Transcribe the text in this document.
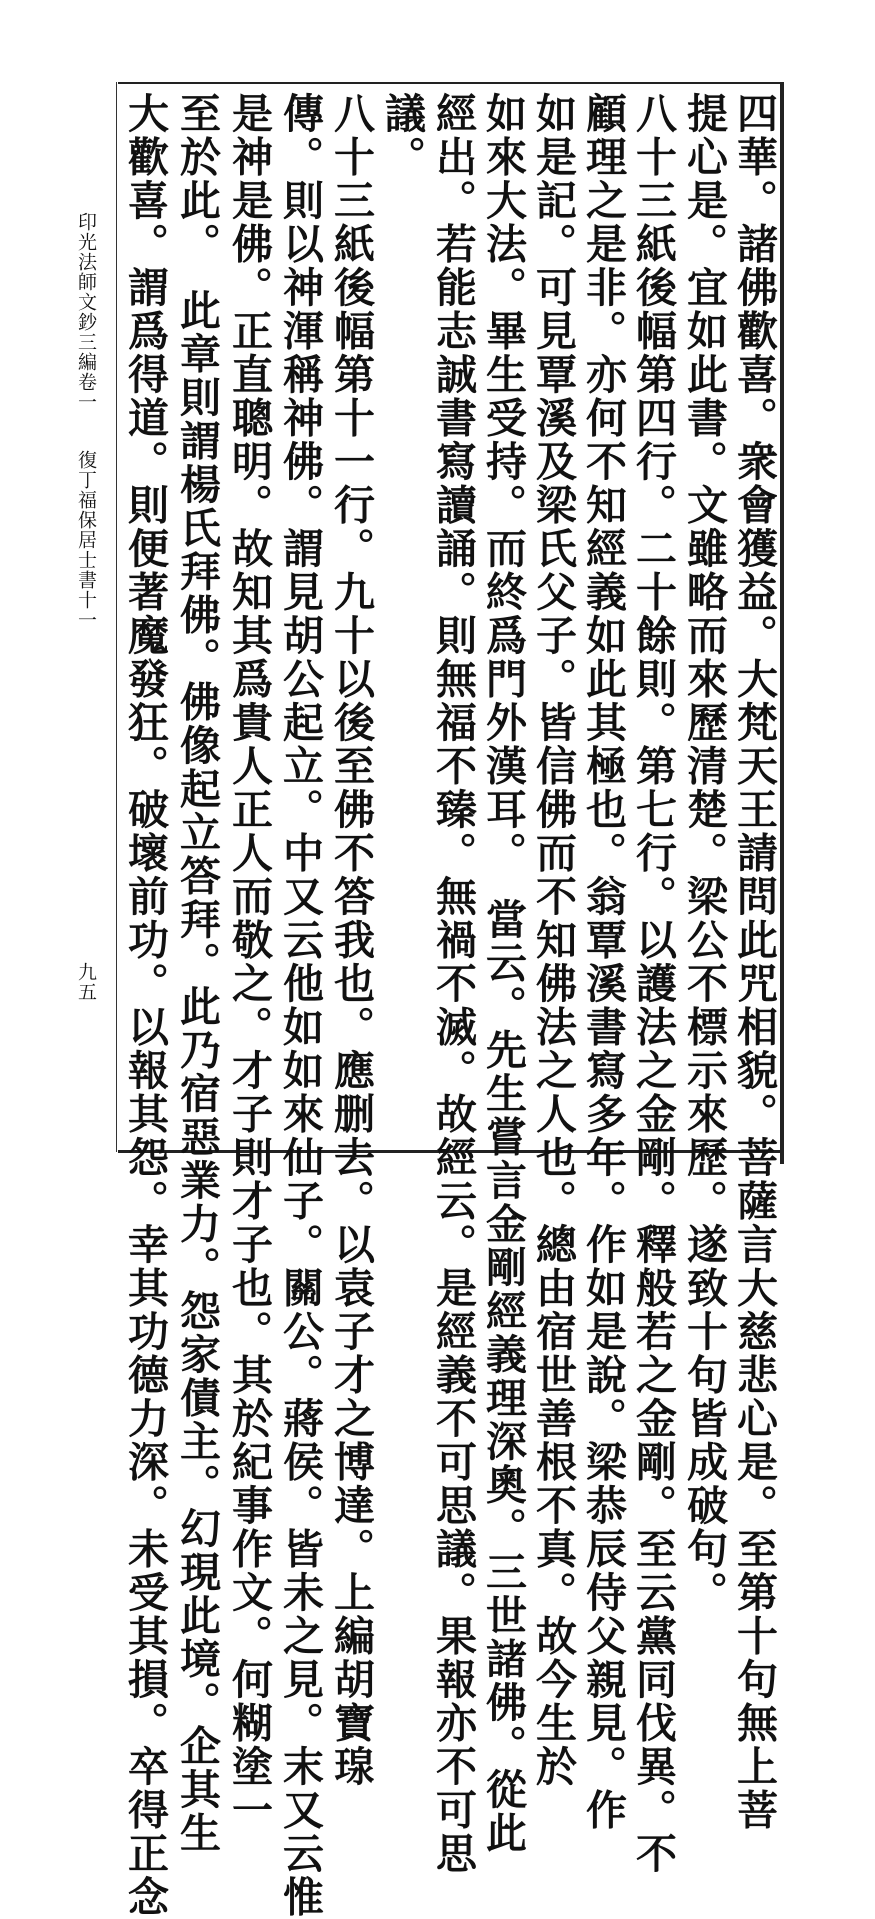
四華。諸佛歡喜。衆會獲益。大梵天王請問此咒相貌。菩薩言大慈悲心是。至第十句無上菩
提心是。宜如此書。文雖略而來歷清楚。梁公不標示來歷。遂致十句皆成破句。
八十三紙後幅第四行。二十餘則。第七行。以護法之金剛。釋般若之金剛。至云黨同伐異。不
顧理之是非。亦何不知經義如此其極也。翁覃溪書寫多年。作如是說。梁恭辰侍父親見。作
如是記。可見覃溪及梁氏父子。皆信佛而不知佛法之人也。總由宿世善根不真。故今生於
如來大法。畢生受持。而終爲門外漢耳。　當云。先生嘗言金剛經義理深奧。三世諸佛。從此
經出。若能志誠書寫讀誦。則無福不臻。無禍不滅。故經云。是經義不可思議。果報亦不可思
議。
八十三紙後幅第十一行。九十以後至佛不答我也。應删去。以袁子才之博達。上編胡寶瑔
傳。則以神渾稱神佛。謂見胡公起立。中又云他如如來仙子。關公。蔣侯。皆未之見。末又云惟
是神是佛。正直聰明。故知其爲貴人正人而敬之。才子則才子也。其於紀事作文。何糊塗一
至於此。　此章則謂楊氏拜佛。佛像起立答拜。此乃宿惡業力。怨家債主。幻現此境。企其生
大歡喜。謂爲得道。則便著魔發狂。破壞前功。以報其怨。幸其功德力深。未受其損。卒得正念
印光法師文鈔三編卷一
復丁福保居士書十一
九五
